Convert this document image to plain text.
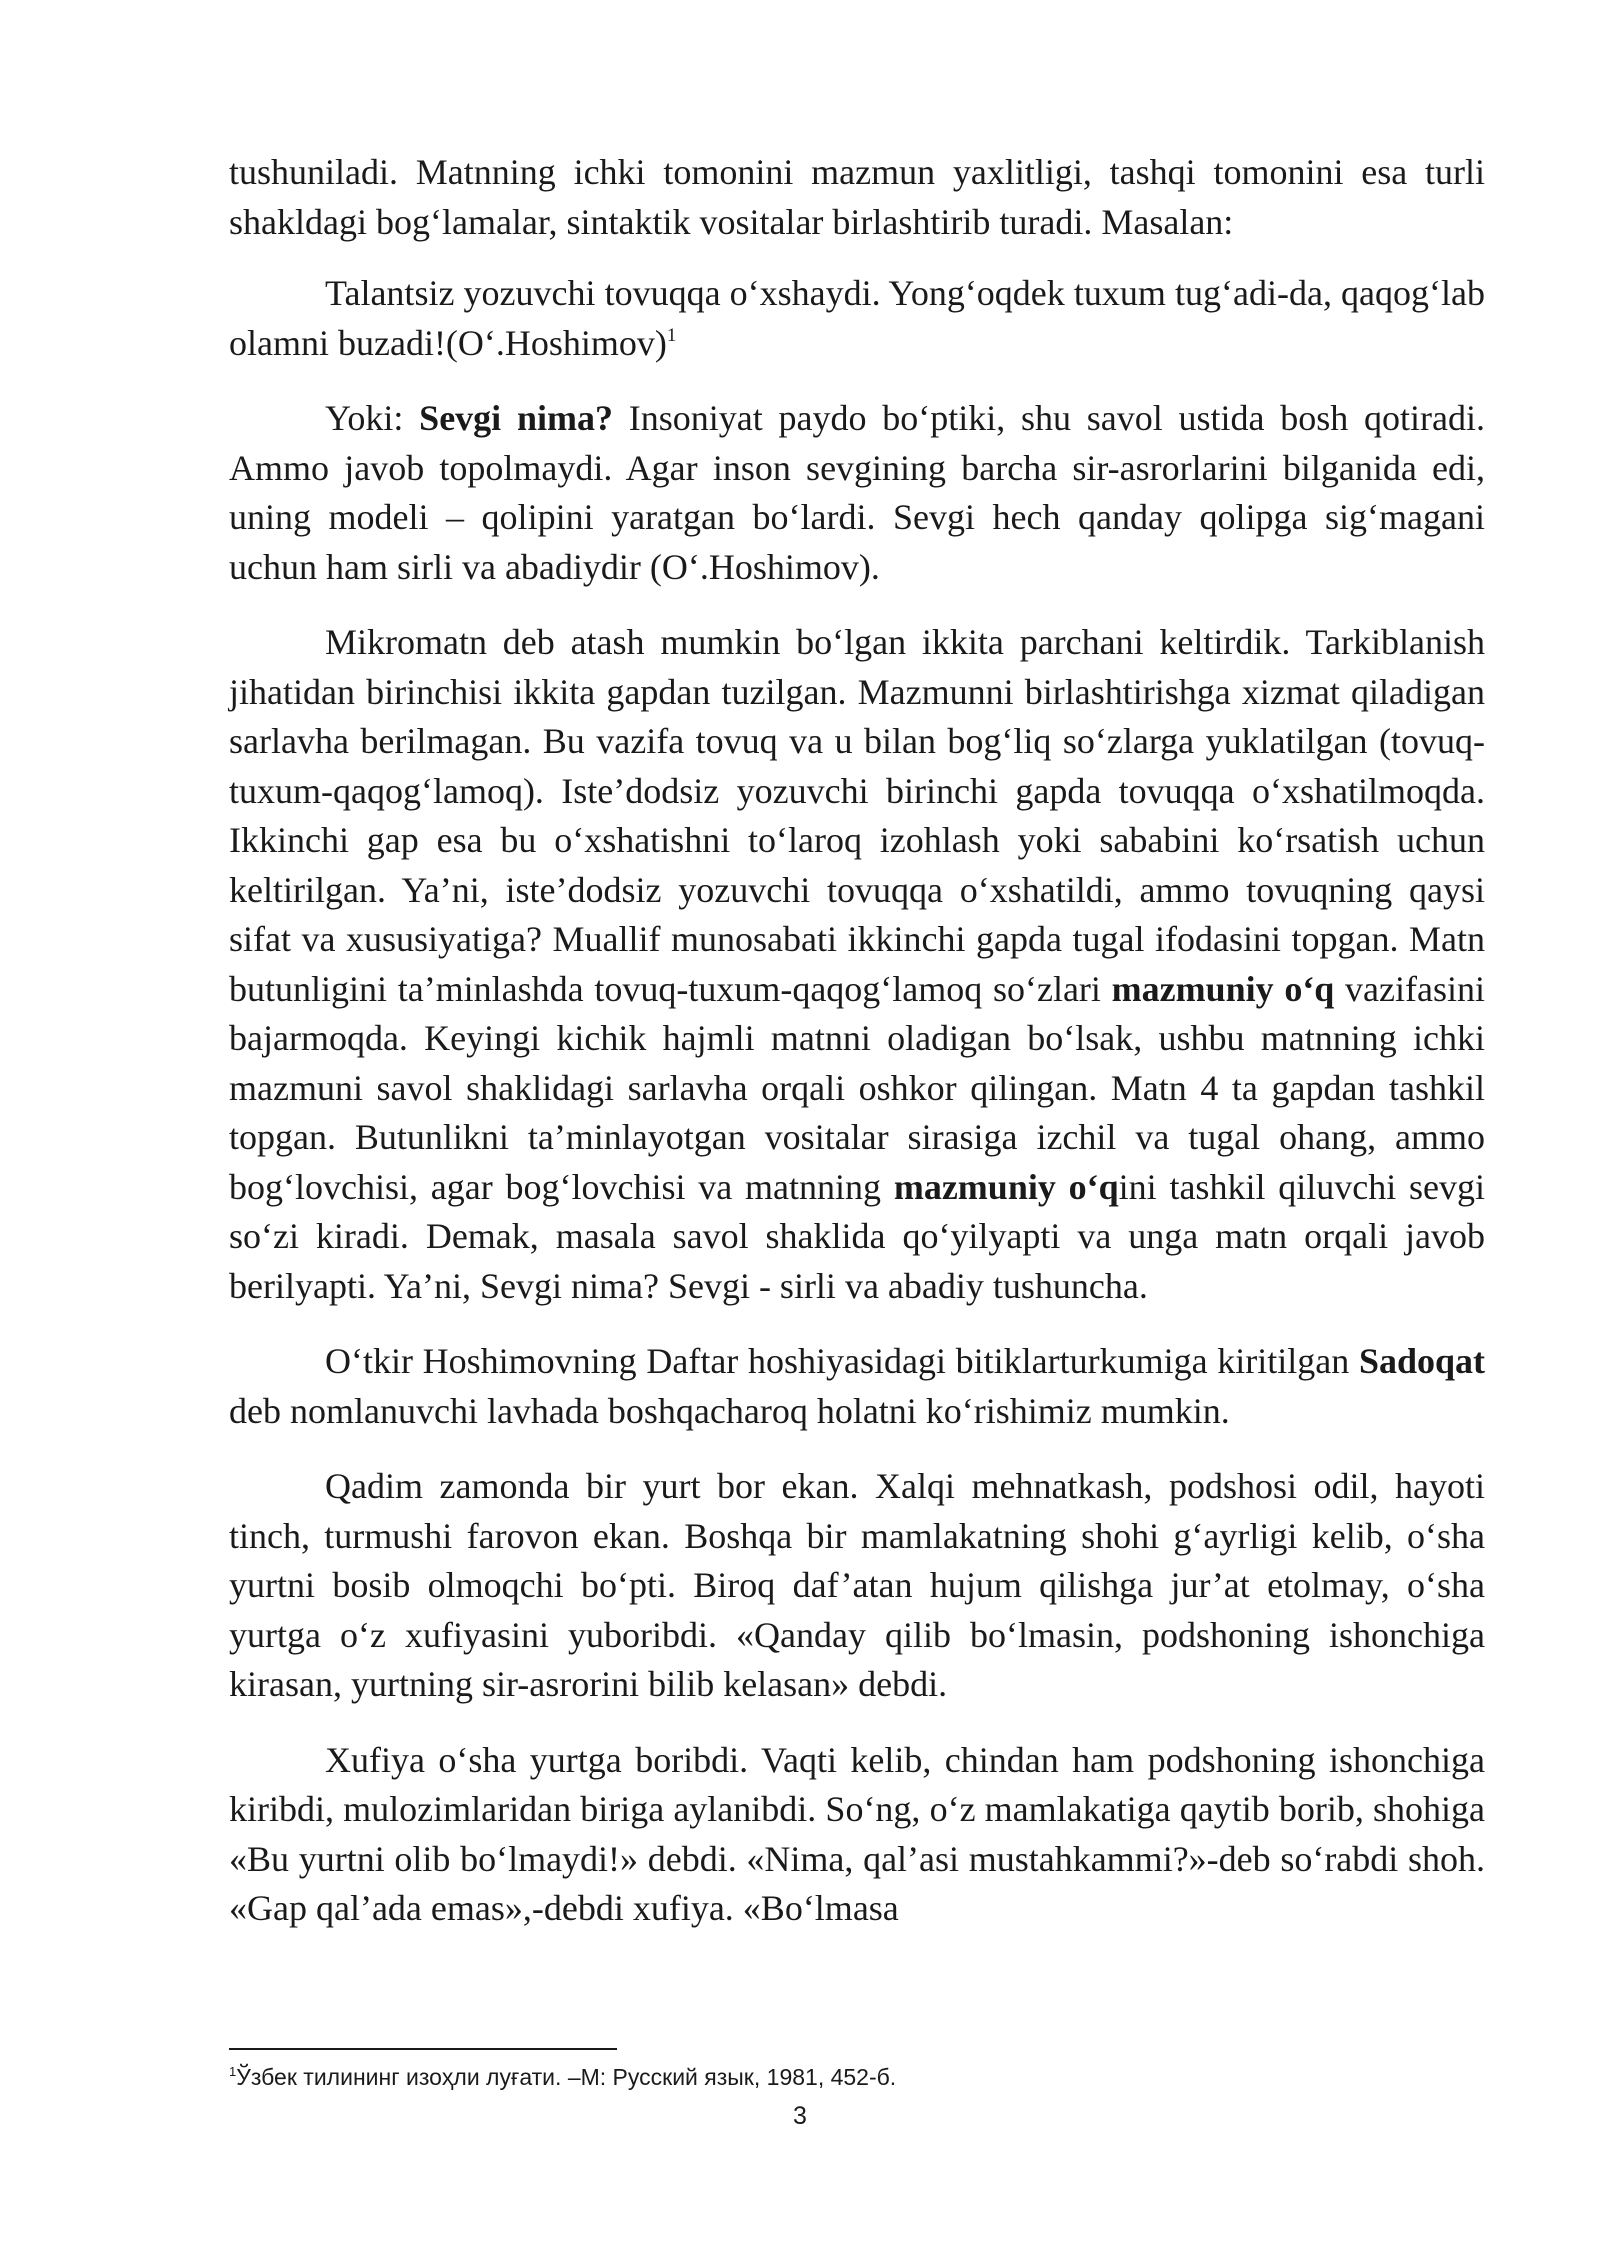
tushuniladi. Matnning ichki tomonini mazmun yaxlitligi, tashqi tomonini esa turli shakldagi bog‘lamalar, sintaktik vositalar birlashtirib turadi. Masalan:

Talantsiz yozuvchi tovuqqa o‘xshaydi. Yong‘oqdek tuxum tug‘adi-da, qaqog‘lab olamni buzadi!(O‘.Hoshimov)$^1$

Yoki: Sevgi nima? Insoniyat paydo bo‘ptiki, shu savol ustida bosh qotiradi. Ammo javob topolmaydi. Agar inson sevgining barcha sir-asrorlarini bilganida edi, uning modeli – qolipini yaratgan bo‘lardi. Sevgi hech qanday qolipga sig‘magani uchun ham sirli va abadiydir (O‘.Hoshimov).

Mikromatn deb atash mumkin bo‘lgan ikkita parchani keltirdik. Tarkiblanish jihatidan birinchisi ikkita gapdan tuzilgan. Mazmunni birlashtirishga xizmat qiladigan sarlavha berilmagan. Bu vazifa tovuq va u bilan bog‘liq so‘zlarga yuklatilgan (tovuq-tuxum-qaqog‘lamoq). Iste’dodsiz yozuvchi birinchi gapda tovuqqa o‘xshatilmoqda. Ikkinchi gap esa bu o‘xshatishni to‘laroq izohlash yoki sababini ko‘rsatish uchun keltirilgan. Ya’ni, iste’dodsiz yozuvchi tovuqqa o‘xshatildi, ammo tovuqning qaysi sifat va xususiyatiga? Muallif munosabati ikkinchi gapda tugal ifodasini topgan. Matn butunligini ta’minlashda tovuq-tuxum-qaqog‘lamoq so‘zlari mazmuniy o‘q vazifasini bajarmoqda. Keyingi kichik hajmli matnni oladigan bo‘lsak, ushbu matnning ichki mazmuni savol shaklidagi sarlavha orqali oshkor qilingan. Matn 4 ta gapdan tashkil topgan. Butunlikni ta’minlayotgan vositalar sirasiga izchil va tugal ohang, ammo bog‘lovchisi, agar bog‘lovchisi va matnning mazmuniy o‘qini tashkil qiluvchi sevgi so‘zi kiradi. Demak, masala savol shaklida qo‘yilyapti va unga matn orqali javob berilyapti. Ya’ni, Sevgi nima? Sevgi - sirli va abadiy tushuncha.

O‘tkir Hoshimovning Daftar hoshiyasidagi bitiklarturkumiga kiritilgan Sadoqat deb nomlanuvchi lavhada boshqacharoq holatni ko‘rishimiz mumkin.

Qadim zamonda bir yurt bor ekan. Xalqi mehnatkash, podshosi odil, hayoti tinch, turmushi farovon ekan. Boshqa bir mamlakatning shohi g‘ayrligi kelib, o‘sha yurtni bosib olmoqchi bo‘pti. Biroq daf’atan hujum qilishga jur’at etolmay, o‘sha yurtga o‘z xufiyasini yuboribdi. «Qanday qilib bo‘lmasin, podshoning ishonchiga kirasan, yurtning sir-asrorini bilib kelasan» debdi.

Xufiya o‘sha yurtga boribdi. Vaqti kelib, chindan ham podshoning ishonchiga kiribdi, mulozimlaridan biriga aylanibdi. So‘ng, o‘z mamlakatiga qaytib borib, shohiga «Bu yurtni olib bo‘lmaydi!» debdi. «Nima, qal’asi mustahkammi?»-deb so‘rabdi shoh. «Gap qal’ada emas»,-debdi xufiya. «Bo‘lmasa

$^1$Ўзбек тилининг изоҳли луғати. –М: Русский язык, 1981, 452-б.
3
